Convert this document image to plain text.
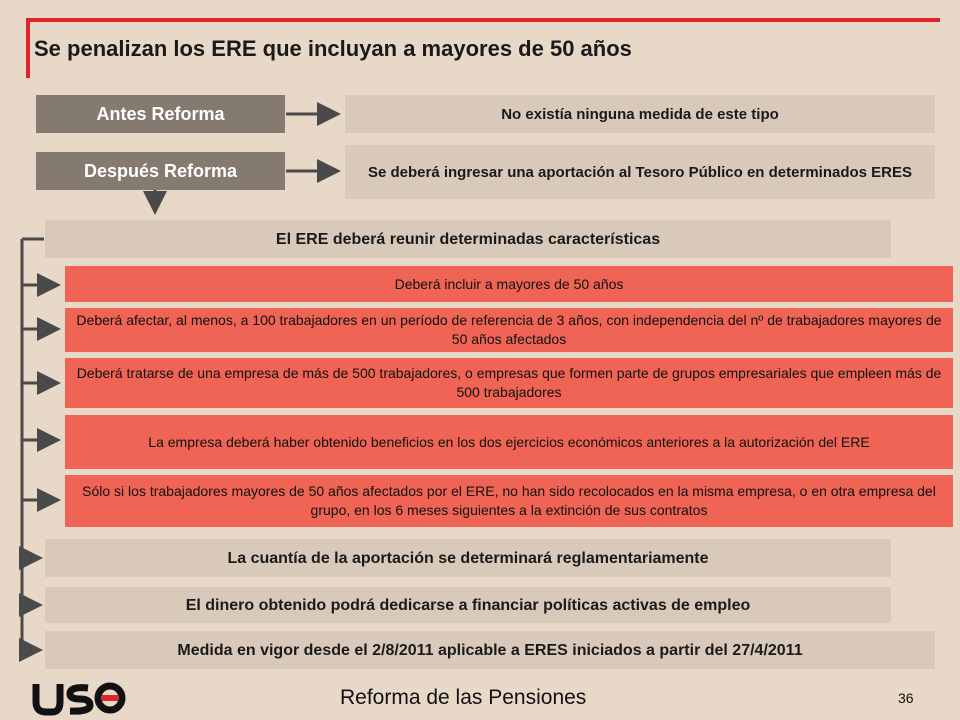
Se penalizan los ERE que incluyan a mayores de 50 años
Antes Reforma	No existía ninguna medida de este tipo
Después Reforma	Se deberá ingresar una aportación al Tesoro Público en determinados ERES
El ERE deberá reunir determinadas características
Deberá incluir a mayores de 50 años
Deberá afectar, al menos, a 100 trabajadores en un período de referencia de 3 años, con independencia del nº de trabajadores mayores de 50 años afectados
Deberá tratarse de una empresa de más de 500 trabajadores, o empresas que formen parte de grupos empresariales que empleen más de 500 trabajadores
La empresa deberá haber obtenido beneficios en los dos ejercicios económicos anteriores a la autorización del ERE
Sólo si los trabajadores mayores de 50 años afectados por el ERE, no han sido recolocados en la misma empresa, o en otra empresa del grupo, en los 6 meses siguientes a la extinción de sus contratos
La cuantía de la aportación se determinará reglamentariamente
El dinero obtenido podrá dedicarse a financiar políticas activas de empleo
Medida en vigor desde el 2/8/2011 aplicable a ERES iniciados a partir del 27/4/2011
Reforma de las Pensiones	36
